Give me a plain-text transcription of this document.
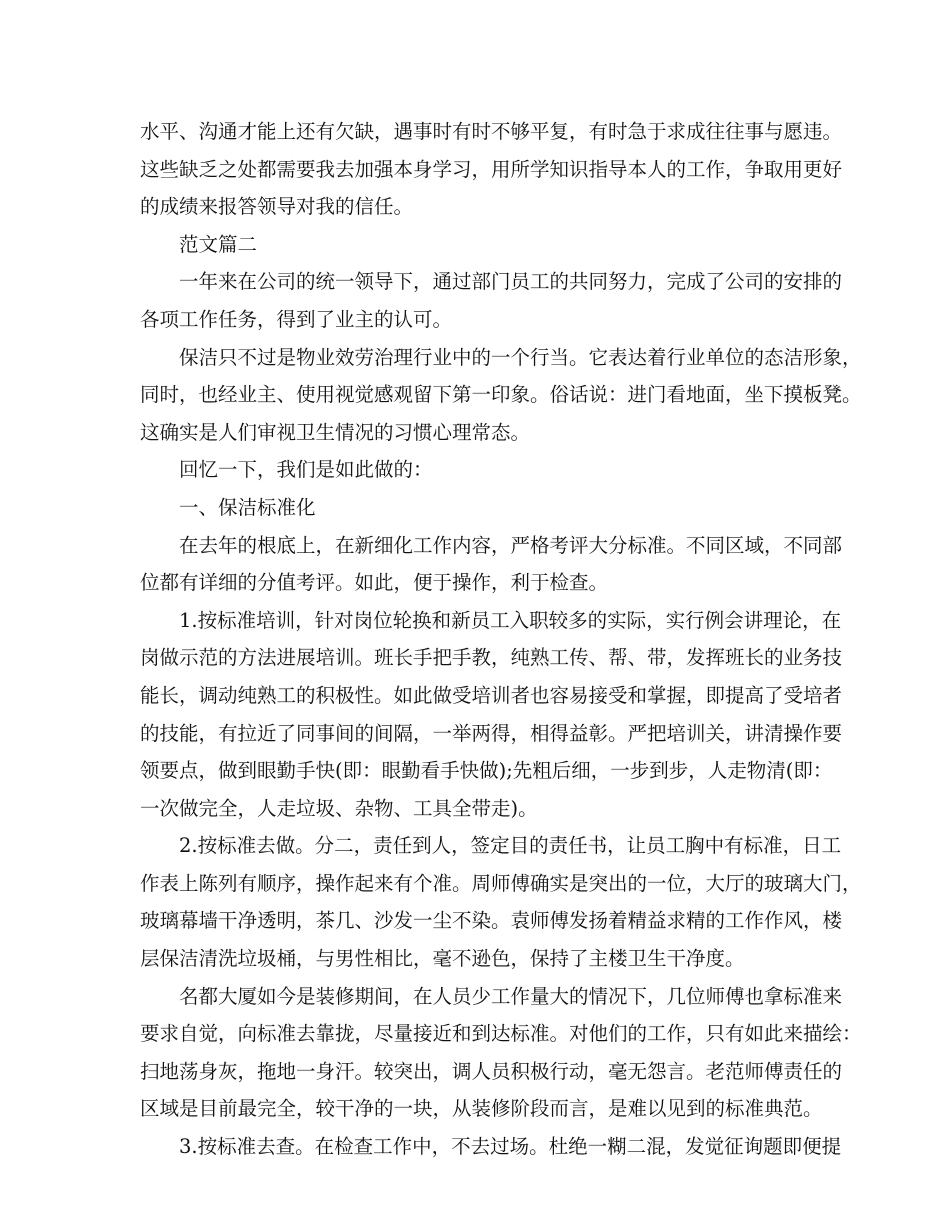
水平、沟通才能上还有欠缺，遇事时有时不够平复，有时急于求成往往事与愿违。
这些缺乏之处都需要我去加强本身学习，用所学知识指导本人的工作，争取用更好
的成绩来报答领导对我的信任。
　　范文篇二
　　一年来在公司的统一领导下，通过部门员工的共同努力，完成了公司的安排的
各项工作任务，得到了业主的认可。
　　保洁只不过是物业效劳治理行业中的一个行当。它表达着行业单位的态洁形象，
同时，也经业主、使用视觉感观留下第一印象。俗话说：进门看地面，坐下摸板凳。
这确实是人们审视卫生情况的习惯心理常态。
　　回忆一下，我们是如此做的：
　　一、保洁标准化
　　在去年的根底上，在新细化工作内容，严格考评大分标准。不同区域，不同部
位都有详细的分值考评。如此，便于操作，利于检查。
　　1.按标准培训，针对岗位轮换和新员工入职较多的实际，实行例会讲理论，在
岗做示范的方法进展培训。班长手把手教，纯熟工传、帮、带，发挥班长的业务技
能长，调动纯熟工的积极性。如此做受培训者也容易接受和掌握，即提高了受培者
的技能，有拉近了同事间的间隔，一举两得，相得益彰。严把培训关，讲清操作要
领要点，做到眼勤手快(即：眼勤看手快做);先粗后细，一步到步，人走物清(即：
一次做完全，人走垃圾、杂物、工具全带走)。
　　2.按标准去做。分二，责任到人，签定目的责任书，让员工胸中有标准，日工
作表上陈列有顺序，操作起来有个准。周师傅确实是突出的一位，大厅的玻璃大门，
玻璃幕墙干净透明，茶几、沙发一尘不染。袁师傅发扬着精益求精的工作作风，楼
层保洁清洗垃圾桶，与男性相比，毫不逊色，保持了主楼卫生干净度。
　　名都大厦如今是装修期间，在人员少工作量大的情况下，几位师傅也拿标准来
要求自觉，向标准去靠拢，尽量接近和到达标准。对他们的工作，只有如此来描绘：
扫地荡身灰，拖地一身汗。较突出，调人员积极行动，毫无怨言。老范师傅责任的
区域是目前最完全，较干净的一块，从装修阶段而言，是难以见到的标准典范。
　　3.按标准去查。在检查工作中，不去过场。杜绝一糊二混，发觉征询题即便提
